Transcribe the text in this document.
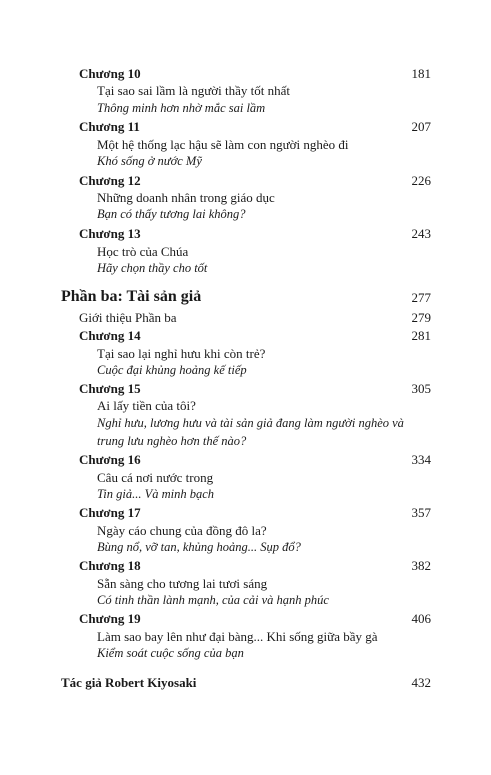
Chương 10	181
Tại sao sai lầm là người thầy tốt nhất
Thông minh hơn nhờ mắc sai lầm
Chương 11	207
Một hệ thống lạc hậu sẽ làm con người nghèo đi
Khó sống ở nước Mỹ
Chương 12	226
Những doanh nhân trong giáo dục
Bạn có thấy tương lai không?
Chương 13	243
Học trò của Chúa
Hãy chọn thầy cho tốt
Phần ba: Tài sản giả	277
Giới thiệu Phần ba	279
Chương 14	281
Tại sao lại nghỉ hưu khi còn trẻ?
Cuộc đại khủng hoảng kế tiếp
Chương 15	305
Ai lấy tiền của tôi?
Nghỉ hưu, lương hưu và tài sản giả đang làm người nghèo và
trung lưu nghèo hơn thế nào?
Chương 16	334
Câu cá nơi nước trong
Tin giả... Và minh bạch
Chương 17	357
Ngày cáo chung của đồng đô la?
Bùng nổ, vỡ tan, khủng hoảng... Sụp đổ?
Chương 18	382
Sẵn sàng cho tương lai tươi sáng
Có tinh thần lành mạnh, của cải và hạnh phúc
Chương 19	406
Làm sao bay lên như đại bàng... Khi sống giữa bầy gà
Kiểm soát cuộc sống của bạn
Tác giả Robert Kiyosaki	432
